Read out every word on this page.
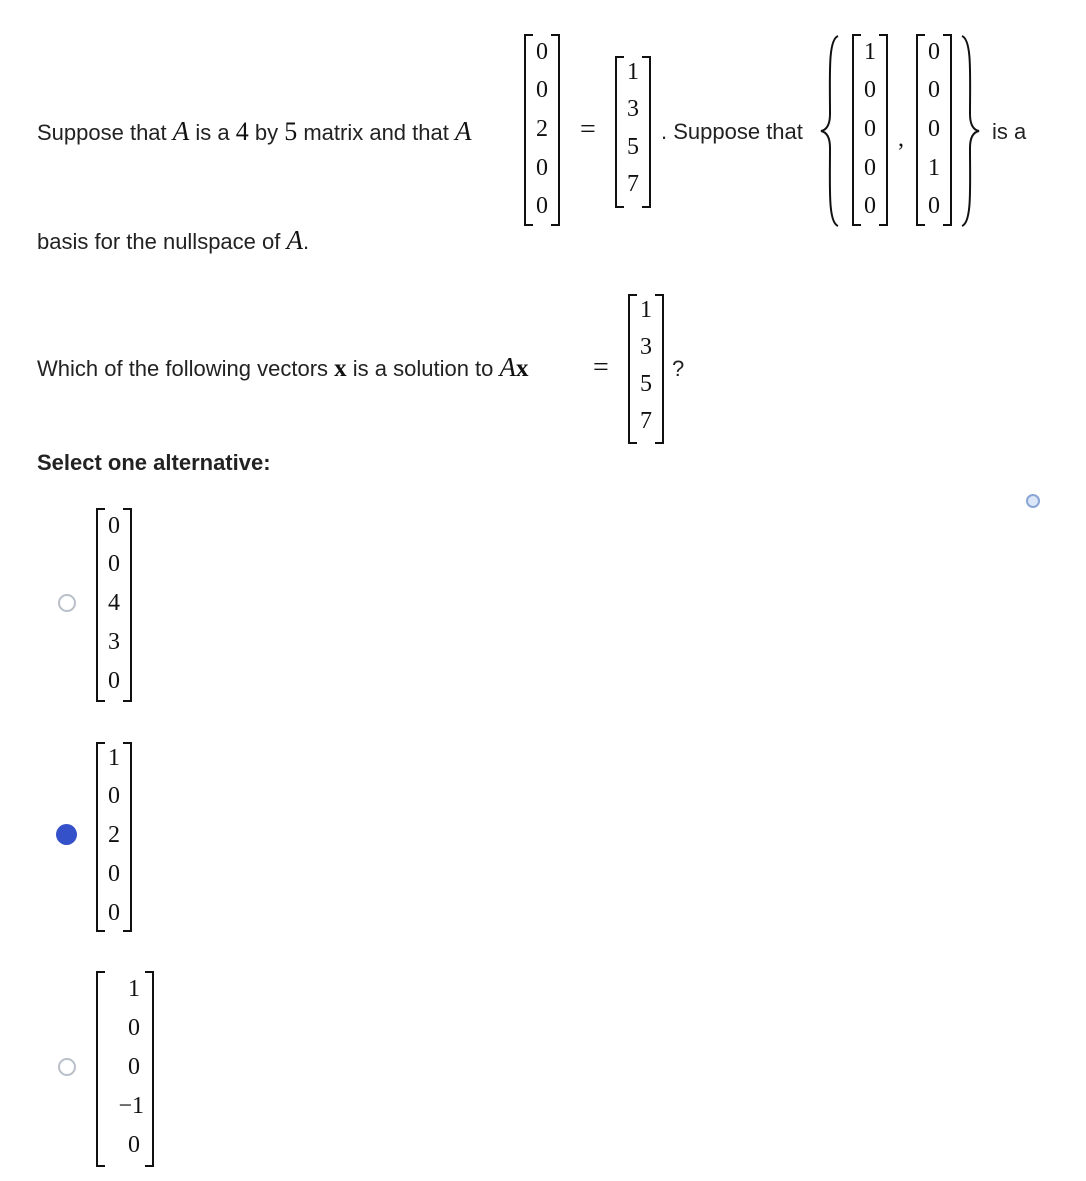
Suppose that A is a 4 by 5 matrix and that A
0
0
2
0
0
=
1
3
5
7
. Suppose that
1
0
0
0
0
,
0
0
0
1
0
is a
basis for the nullspace of A.
Which of the following vectors x is a solution to Ax =
1
3
5
7
?
Select one alternative:
0
0
4
3
0
1
0
2
0
0
1
0
0
−1
0
